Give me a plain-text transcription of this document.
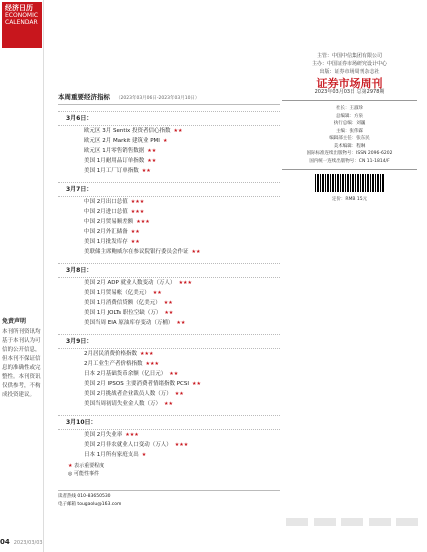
经济日历
ECONOMIC CALENDAR
免责声明
本刊所刊资讯均基于本刊认为可信的公开信息，但本刊不保证信息的准确性或完整性。本刊资讯仅供参考，不构成投资建议。
本周重要经济指标 （2023年03月06日-2023年03月10日）
3月6日：
欧元区 3月 Sentix 投资者信心指数 ★★
欧元区 2月 Markit 建筑业 PMI ★
欧元区 1月零售销售数据 ★★
美国 1月耐用品订单指数 ★★
美国 1月工厂订单指数 ★★
3月7日：
中国 2月出口总值 ★★★
中国 2月进口总值 ★★★
中国 2月贸易顺差额 ★★★
中国 2月外汇储备 ★★
美国 1月批发库存 ★★
美联储主席鲍威尔在参议院银行委员会作证 ★★
3月8日：
美国 2月 ADP 就业人数变动（万人） ★★★
美国 1月贸易帐（亿美元） ★★
美国 1月消费信贷额（亿美元） ★★
美国 1月 JOLTs 职位空缺（万） ★★
美国当周 EIA 原油库存变动（万桶） ★★
3月9日：
2月居民消费价格指数 ★★★
2月工业生产者价格指数 ★★★
日本 2月基础货币余额（亿日元） ★★
美国 2月 IPSOS 主要消费者情绪指数 PCSI ★★
美国 2月挑战者企业裁员人数（万） ★★
美国当周初请失业金人数（万） ★★
3月10日：
美国 2月失业率 ★★★
美国 2月非农就业人口变动（万人） ★★★
日本 1月所有家庭支出 ★
★ 表示重要程度
◎ 可能性事件
读者热线 010-83650530
电子邮箱 tougaolu@163.com
主管：中国中信集团有限公司
主办：中国证券市场研究设计中心
出版：证券市场周刊杂志社
证券市场周刊
2023年03月03日 总第2978期
社长：王淑珍
总编辑：方泉
执行总编：刘巍
主编：张伟霖
编辑部主任：张东民
美术编辑：程琳
国际标准连续出版物号：ISSN 2096-6202
国内统一连续出版物号：CN 11-1814/F
定价：RMB 15元
04 2023/03/03
